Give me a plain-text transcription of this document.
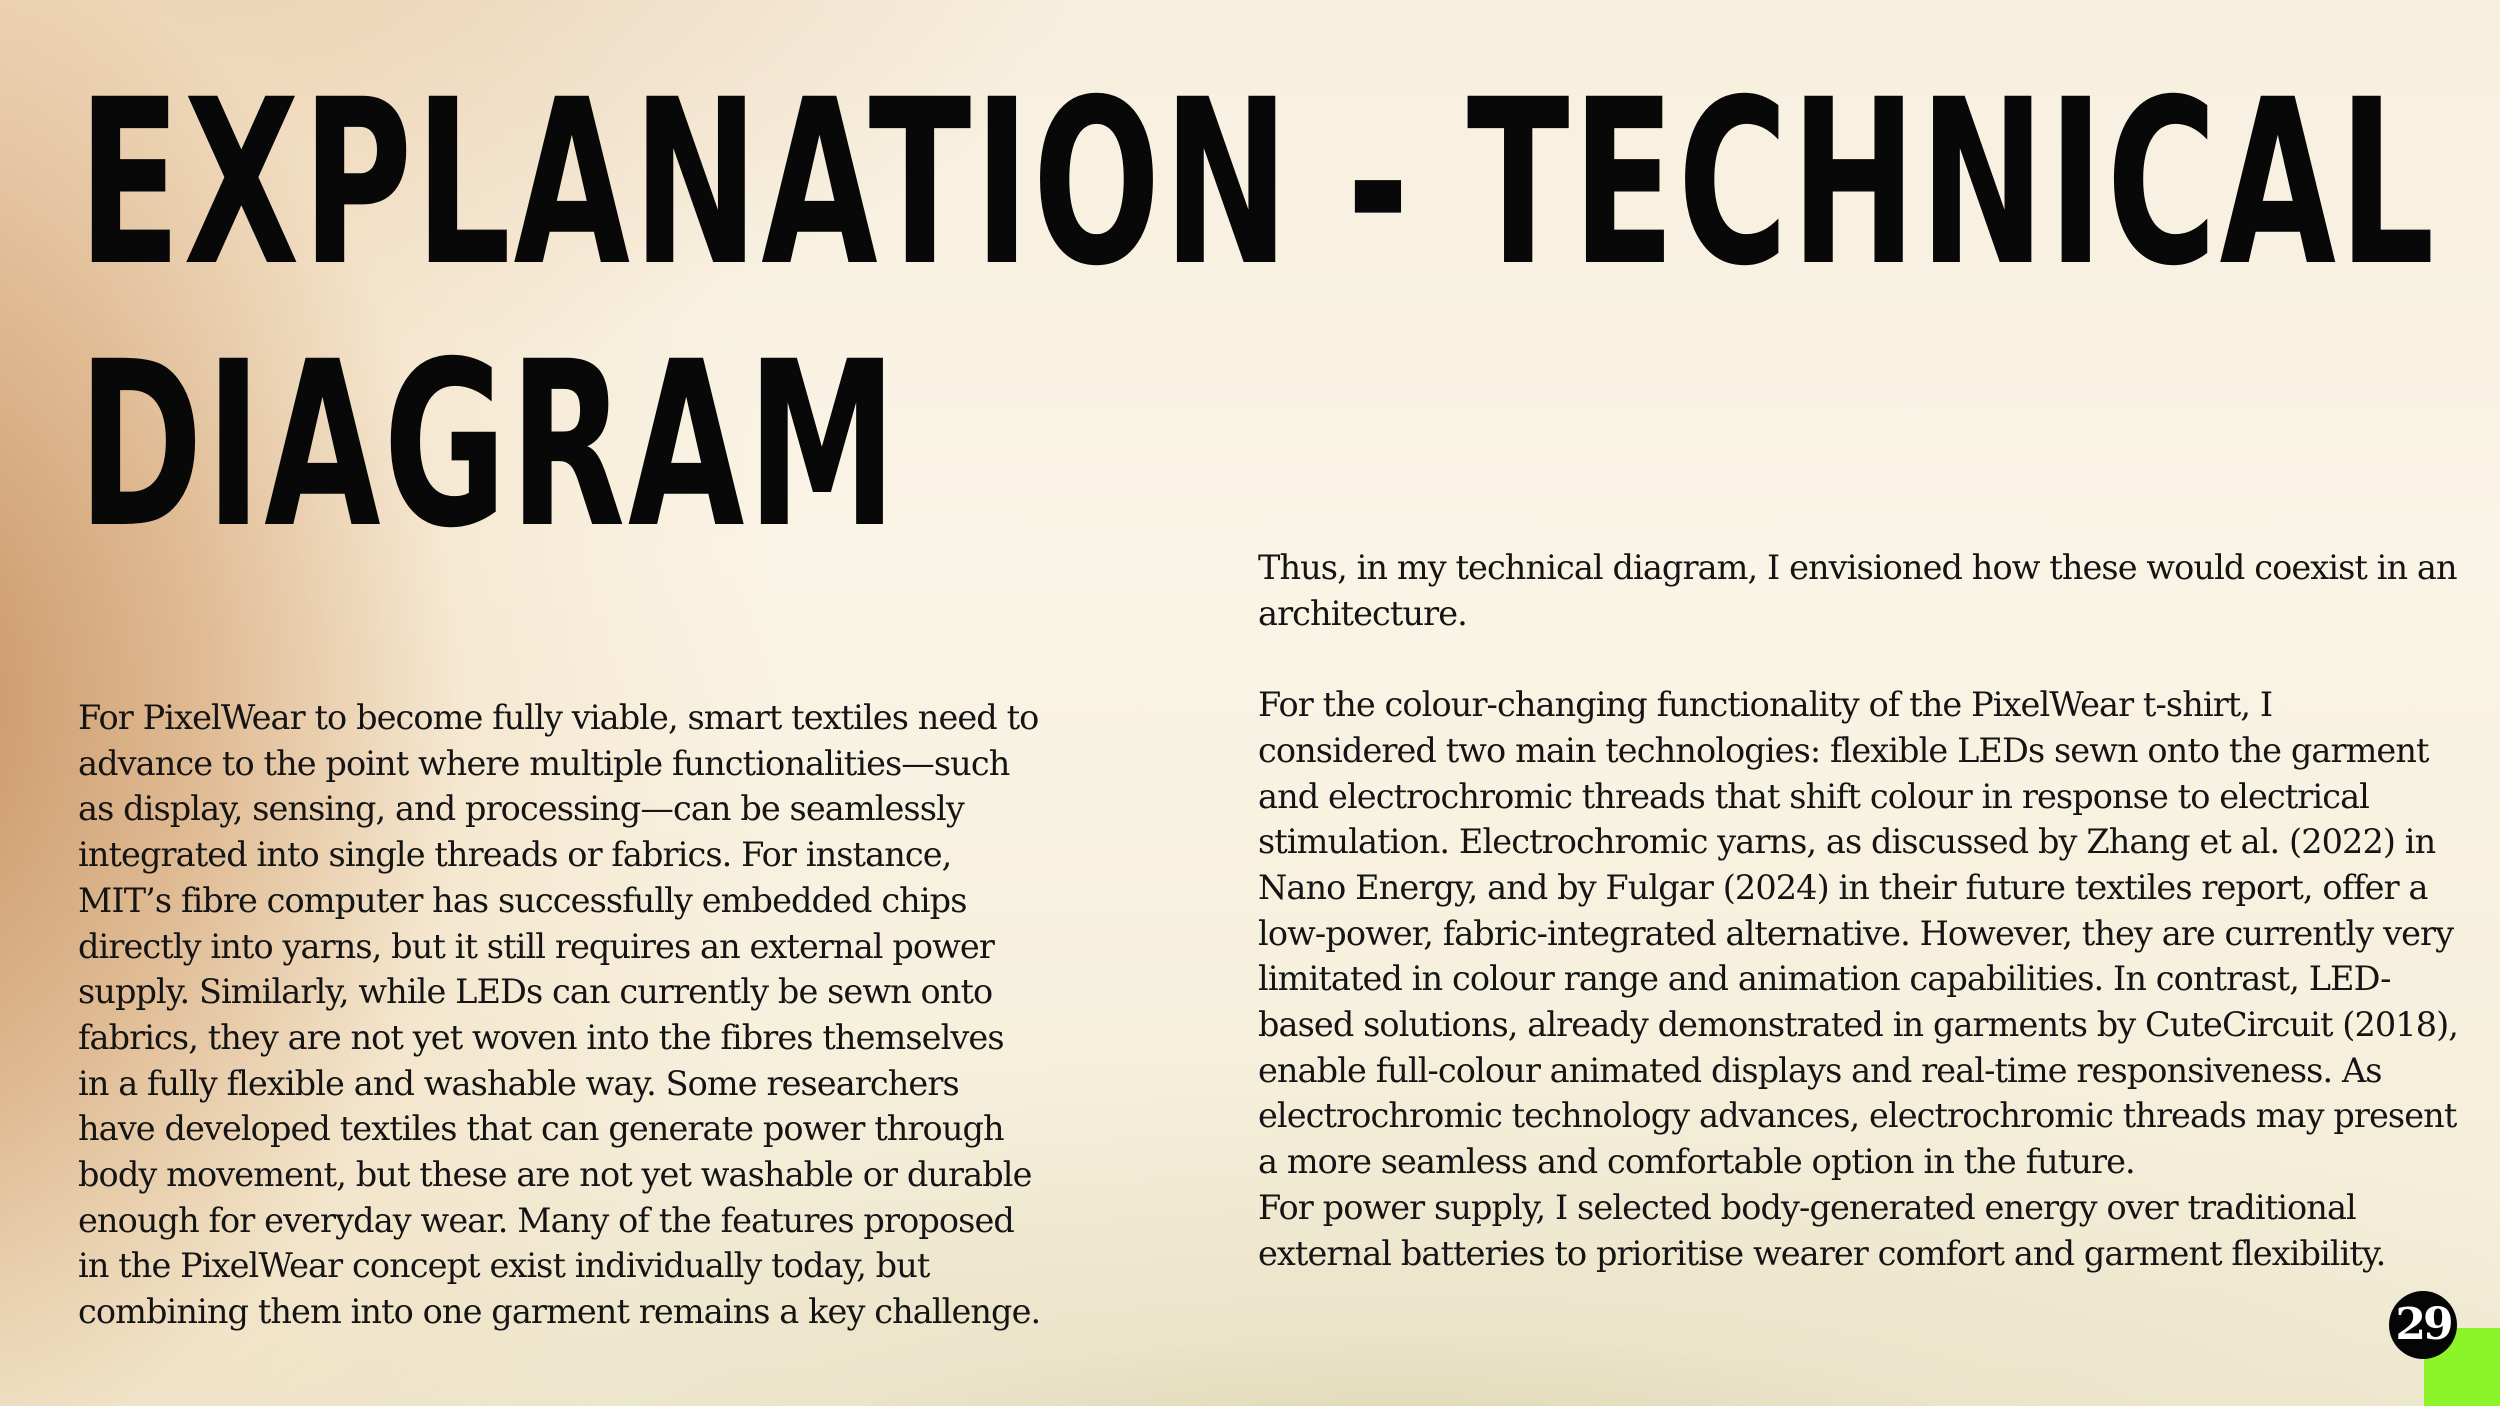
EXPLANATION - TECHNICAL
DIAGRAM
For PixelWear to become fully viable, smart textiles need to
advance to the point where multiple functionalities—such
as display, sensing, and processing—can be seamlessly
integrated into single threads or fabrics. For instance,
MIT’s fibre computer has successfully embedded chips
directly into yarns, but it still requires an external power
supply. Similarly, while LEDs can currently be sewn onto
fabrics, they are not yet woven into the fibres themselves
in a fully flexible and washable way. Some researchers
have developed textiles that can generate power through
body movement, but these are not yet washable or durable
enough for everyday wear. Many of the features proposed
in the PixelWear concept exist individually today, but
combining them into one garment remains a key challenge.
Thus, in my technical diagram, I envisioned how these would coexist in an
architecture.
For the colour-changing functionality of the PixelWear t-shirt, I
considered two main technologies: flexible LEDs sewn onto the garment
and electrochromic threads that shift colour in response to electrical
stimulation. Electrochromic yarns, as discussed by Zhang et al. (2022) in
Nano Energy, and by Fulgar (2024) in their future textiles report, offer a
low-power, fabric-integrated alternative. However, they are currently very
limitated in colour range and animation capabilities. In contrast, LED-
based solutions, already demonstrated in garments by CuteCircuit (2018),
enable full-colour animated displays and real-time responsiveness. As
electrochromic technology advances, electrochromic threads may present
a more seamless and comfortable option in the future.
For power supply, I selected body-generated energy over traditional
external batteries to prioritise wearer comfort and garment flexibility.
29
